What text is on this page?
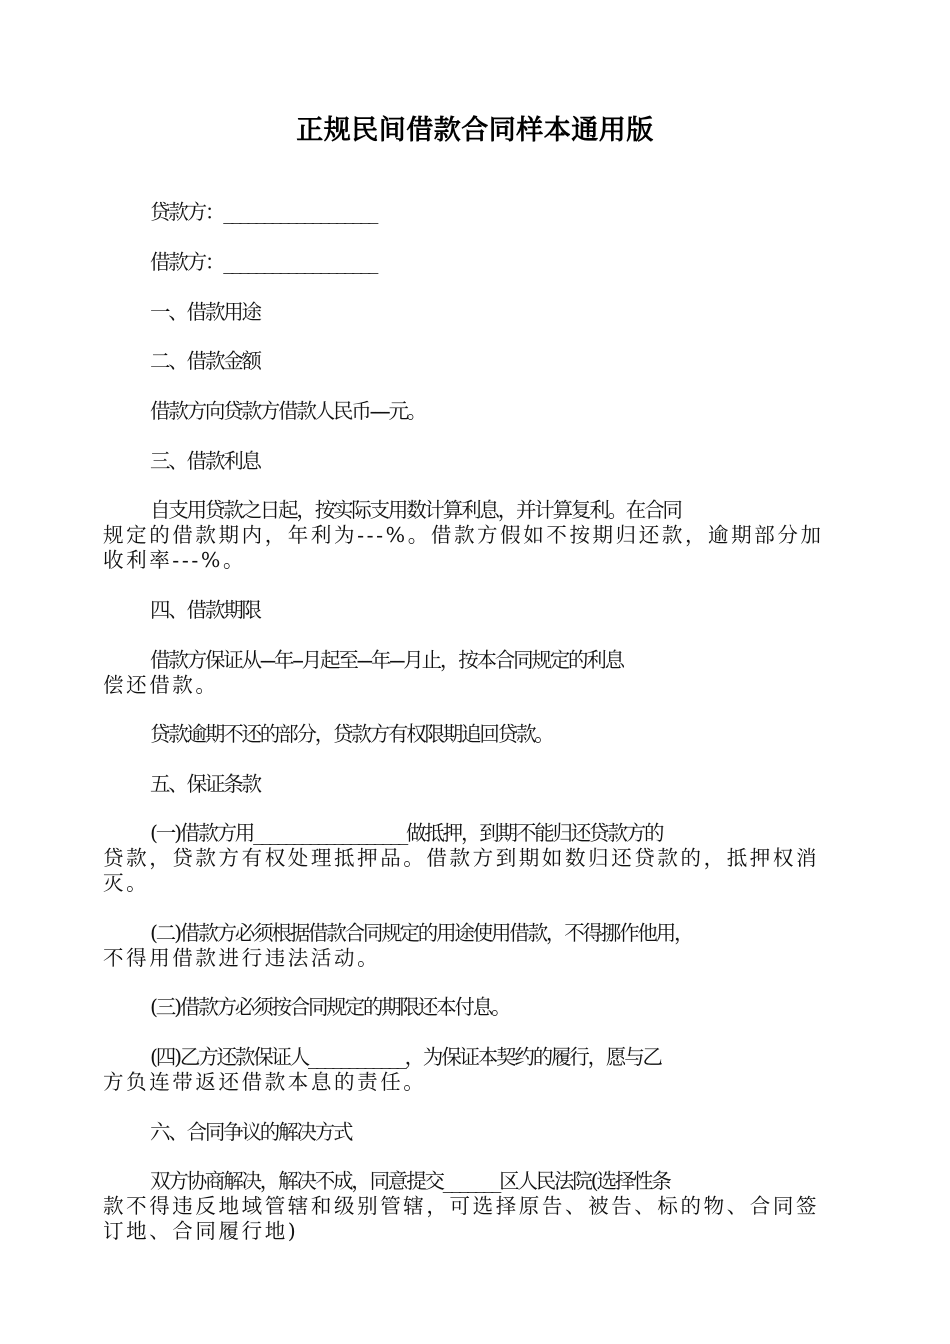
正规民间借款合同样本通用版
贷款方：___________________
借款方：___________________
一、借款用途
二、借款金额
借款方向贷款方借款人民币----元。
三、借款利息
自支用贷款之日起，按实际支用数计算利息，并计算复利。在合同
规定的借款期内，年利为---%。借款方假如不按期归还款，逾期部分加
收利率---%。
四、借款期限
借款方保证从---年--月起至---年---月止，按本合同规定的利息
偿还借款。
贷款逾期不还的部分，贷款方有权限期追回贷款。
五、保证条款
(一)借款方用___________________做抵押，到期不能归还贷款方的
贷款，贷款方有权处理抵押品。借款方到期如数归还贷款的，抵押权消
灭。
(二)借款方必须根据借款合同规定的用途使用借款，不得挪作他用，
不得用借款进行违法活动。
(三)借款方必须按合同规定的期限还本付息。
(四)乙方还款保证人____________，为保证本契约的履行，愿与乙
方负连带返还借款本息的责任。
六、合同争议的解决方式
双方协商解决，解决不成，同意提交_______区人民法院(选择性条
款不得违反地域管辖和级别管辖，可选择原告、被告、标的物、合同签
订地、合同履行地)
